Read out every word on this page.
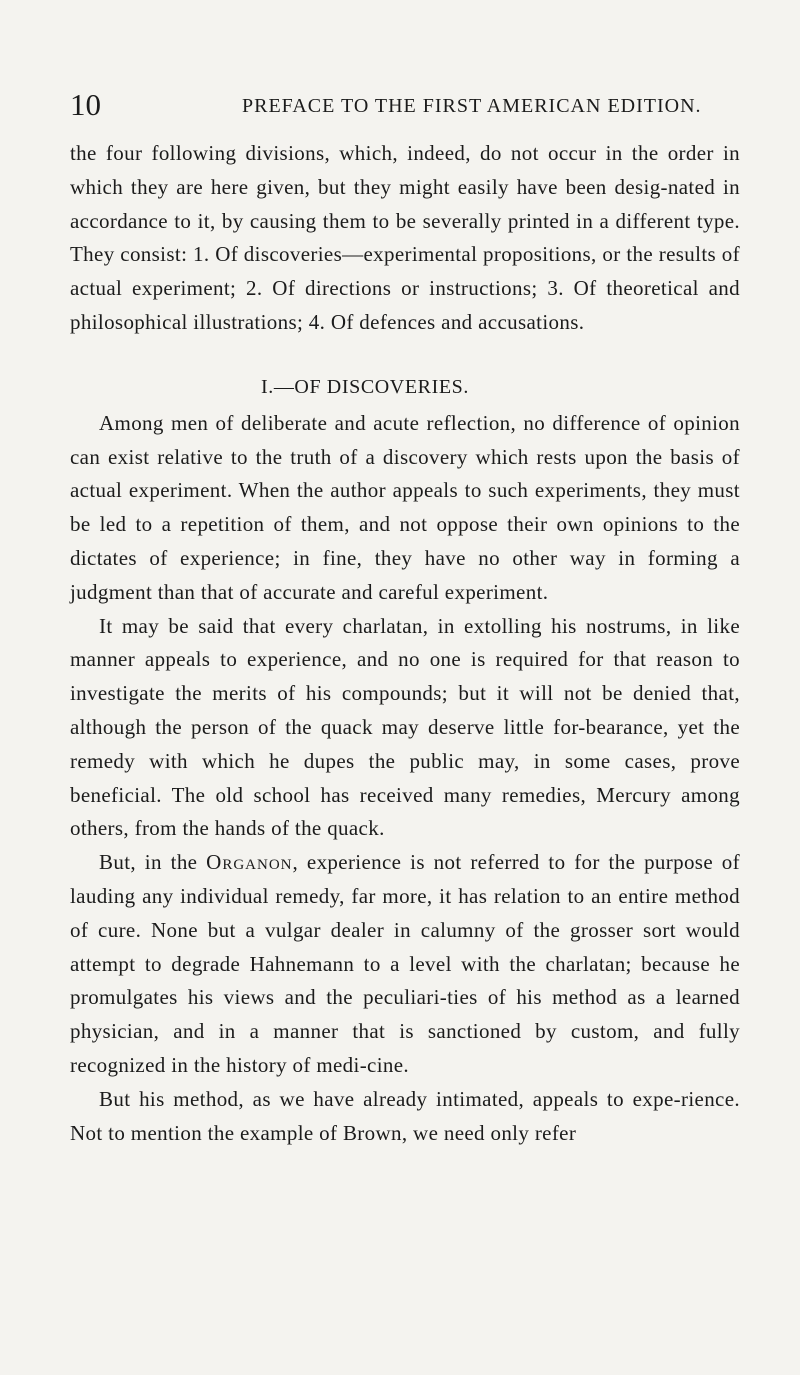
10	PREFACE TO THE FIRST AMERICAN EDITION.

the four following divisions, which, indeed, do not occur in the order in which they are here given, but they might easily have been desig-nated in accordance to it, by causing them to be severally printed in a different type. They consist: 1. Of discoveries—experimental propositions, or the results of actual experiment; 2. Of directions or instructions; 3. Of theoretical and philosophical illustrations; 4. Of defences and accusations.

I.—OF DISCOVERIES.

Among men of deliberate and acute reflection, no difference of opinion can exist relative to the truth of a discovery which rests upon the basis of actual experiment. When the author appeals to such experiments, they must be led to a repetition of them, and not oppose their own opinions to the dictates of experience; in fine, they have no other way in forming a judgment than that of accurate and careful experiment.

It may be said that every charlatan, in extolling his nostrums, in like manner appeals to experience, and no one is required for that reason to investigate the merits of his compounds; but it will not be denied that, although the person of the quack may deserve little for-bearance, yet the remedy with which he dupes the public may, in some cases, prove beneficial. The old school has received many remedies, Mercury among others, from the hands of the quack.

But, in the Organon, experience is not referred to for the purpose of lauding any individual remedy, far more, it has relation to an entire method of cure. None but a vulgar dealer in calumny of the grosser sort would attempt to degrade Hahnemann to a level with the charlatan; because he promulgates his views and the peculiari-ties of his method as a learned physician, and in a manner that is sanctioned by custom, and fully recognized in the history of medi-cine.

But his method, as we have already intimated, appeals to expe-rience. Not to mention the example of Brown, we need only refer
